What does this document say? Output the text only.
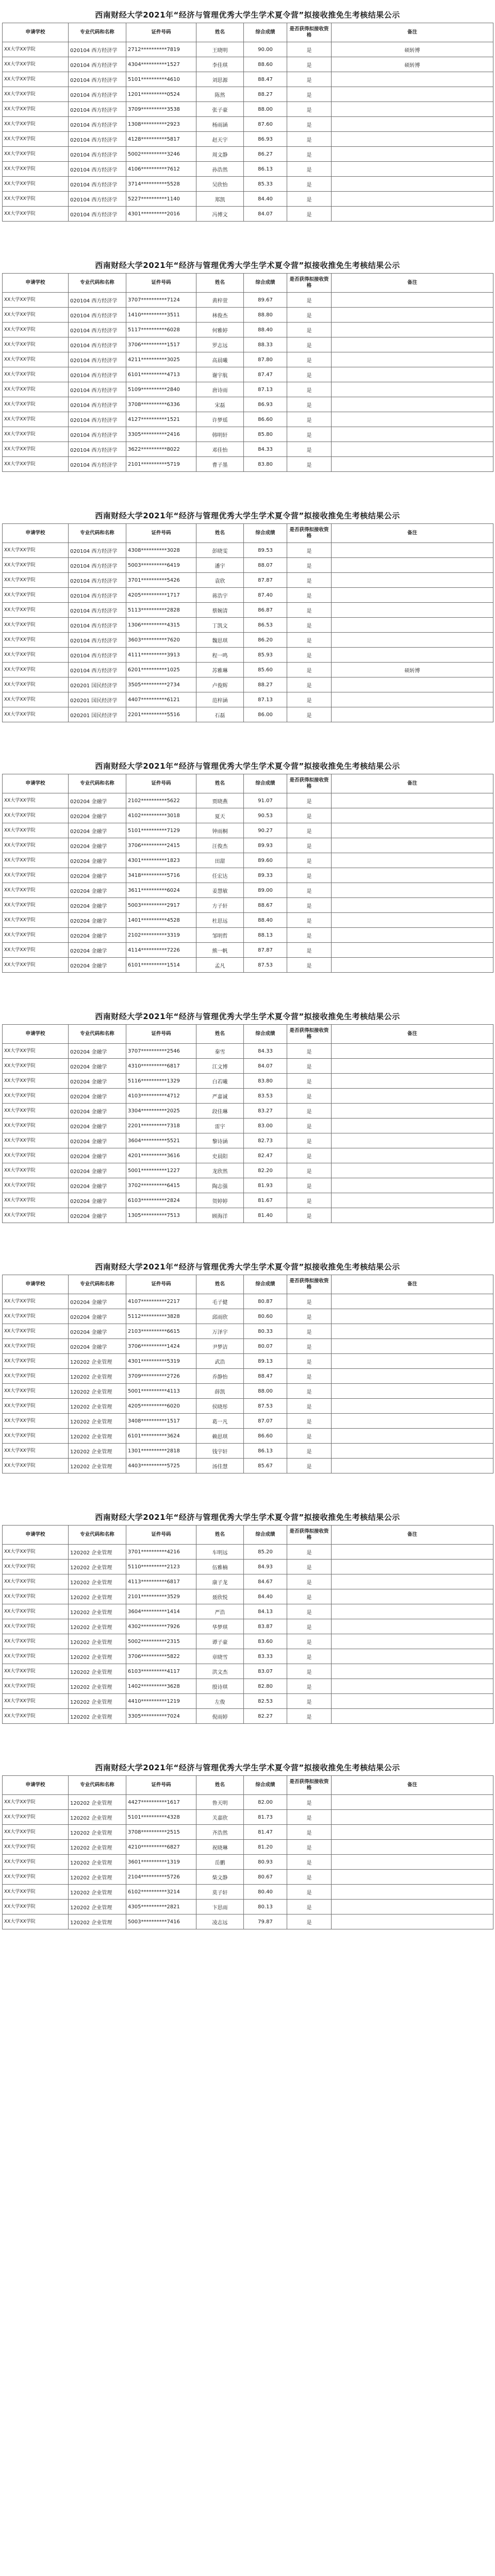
西南财经大学2021年“经济与管理优秀大学生学术夏令营”拟接收推免生考核结果公示
申请学校	专业代码和名称	证件号码	姓名	综合成绩	是否获得拟接收资格	备注
XX大学XX学院	020104 西方经济学	2712**********7819	王晓明	90.00	是	硕转博
XX大学XX学院	020104 西方经济学	4304**********1527	李佳琪	88.60	是	硕转博
XX大学XX学院	020104 西方经济学	5101**********4610	刘思源	88.47	是	
XX大学XX学院	020104 西方经济学	1201**********0524	陈然	88.27	是	
XX大学XX学院	020104 西方经济学	3709**********3538	张子豪	88.00	是	
XX大学XX学院	020104 西方经济学	1308**********2923	杨雨涵	87.60	是	
XX大学XX学院	020104 西方经济学	4128**********5817	赵天宇	86.93	是	
XX大学XX学院	020104 西方经济学	5002**********3246	周文静	86.27	是	
XX大学XX学院	020104 西方经济学	4106**********7612	孙浩然	86.13	是	
XX大学XX学院	020104 西方经济学	3714**********5528	吴欣怡	85.33	是	
XX大学XX学院	020104 西方经济学	5227**********1140	郑凯	84.40	是	
XX大学XX学院	020104 西方经济学	4301**********2016	冯博文	84.07	是	
西南财经大学2021年“经济与管理优秀大学生学术夏令营”拟接收推免生考核结果公示
申请学校	专业代码和名称	证件号码	姓名	综合成绩	是否获得拟接收资格	备注
XX大学XX学院	020104 西方经济学	3707**********7124	黄梓萱	89.67	是	
XX大学XX学院	020104 西方经济学	1410**********3511	林俊杰	88.80	是	
XX大学XX学院	020104 西方经济学	5117**********6028	何雅婷	88.40	是	
XX大学XX学院	020104 西方经济学	3706**********1517	罗志远	88.33	是	
XX大学XX学院	020104 西方经济学	4211**********3025	高晨曦	87.80	是	
XX大学XX学院	020104 西方经济学	6101**********4713	谢宇航	87.47	是	
XX大学XX学院	020104 西方经济学	5109**********2840	唐诗雨	87.13	是	
XX大学XX学院	020104 西方经济学	3708**********6336	宋磊	86.93	是	
XX大学XX学院	020104 西方经济学	4127**********1521	许梦瑶	86.60	是	
XX大学XX学院	020104 西方经济学	3305**********2416	韩明轩	85.80	是	
XX大学XX学院	020104 西方经济学	3622**********8022	邓佳怡	84.33	是	
XX大学XX学院	020104 西方经济学	2101**********5719	曹子墨	83.80	是	
西南财经大学2021年“经济与管理优秀大学生学术夏令营”拟接收推免生考核结果公示
申请学校	专业代码和名称	证件号码	姓名	综合成绩	是否获得拟接收资格	备注
XX大学XX学院	020104 西方经济学	4308**********3028	彭晓雯	89.53	是	
XX大学XX学院	020104 西方经济学	5003**********6419	潘宇	88.07	是	
XX大学XX学院	020104 西方经济学	3701**********5426	袁欣	87.87	是	
XX大学XX学院	020104 西方经济学	4205**********1717	蒋浩宇	87.40	是	
XX大学XX学院	020104 西方经济学	5113**********2828	蔡婉清	86.87	是	
XX大学XX学院	020104 西方经济学	1306**********4315	丁凯文	86.53	是	
XX大学XX学院	020104 西方经济学	3603**********7620	魏思琪	86.20	是	
XX大学XX学院	020104 西方经济学	4111**********3913	程一鸣	85.93	是	
XX大学XX学院	020104 西方经济学	6201**********1025	苏雅琳	85.60	是	硕转博
XX大学XX学院	020201 国民经济学	3505**********2734	卢俊辉	88.27	是	
XX大学XX学院	020201 国民经济学	4407**********6121	范梓涵	87.13	是	
XX大学XX学院	020201 国民经济学	2201**********5516	石磊	86.00	是	
西南财经大学2021年“经济与管理优秀大学生学术夏令营”拟接收推免生考核结果公示
申请学校	专业代码和名称	证件号码	姓名	综合成绩	是否获得拟接收资格	备注
XX大学XX学院	020204 金融学	2102**********5622	贾晓燕	91.07	是	
XX大学XX学院	020204 金融学	4102**********3018	夏天	90.53	是	
XX大学XX学院	020204 金融学	5101**********7129	钟雨桐	90.27	是	
XX大学XX学院	020204 金融学	3706**********2415	汪俊杰	89.93	是	
XX大学XX学院	020204 金融学	4301**********1823	田甜	89.60	是	
XX大学XX学院	020204 金融学	3418**********5716	任宏达	89.33	是	
XX大学XX学院	020204 金融学	3611**********6024	姜慧敏	89.00	是	
XX大学XX学院	020204 金融学	5003**********2917	方子轩	88.67	是	
XX大学XX学院	020204 金融学	1401**********4528	杜思远	88.40	是	
XX大学XX学院	020204 金融学	2102**********3319	邹明哲	88.13	是	
XX大学XX学院	020204 金融学	4114**********7226	熊一帆	87.87	是	
XX大学XX学院	020204 金融学	6101**********1514	孟凡	87.53	是	
西南财经大学2021年“经济与管理优秀大学生学术夏令营”拟接收推免生考核结果公示
申请学校	专业代码和名称	证件号码	姓名	综合成绩	是否获得拟接收资格	备注
XX大学XX学院	020204 金融学	3707**********2546	秦雪	84.33	是	
XX大学XX学院	020204 金融学	4310**********6817	江文博	84.07	是	
XX大学XX学院	020204 金融学	5116**********1329	白若曦	83.80	是	
XX大学XX学院	020204 金融学	4103**********4712	严嘉诚	83.53	是	
XX大学XX学院	020204 金融学	3304**********2025	段佳琳	83.27	是	
XX大学XX学院	020204 金融学	2201**********7318	雷宇	83.00	是	
XX大学XX学院	020204 金融学	3604**********5521	黎诗涵	82.73	是	
XX大学XX学院	020204 金融学	4201**********3616	史晨阳	82.47	是	
XX大学XX学院	020204 金融学	5001**********1227	龙欣然	82.20	是	
XX大学XX学院	020204 金融学	3702**********6415	陶志强	81.93	是	
XX大学XX学院	020204 金融学	6103**********2824	贺婷婷	81.67	是	
XX大学XX学院	020204 金融学	1305**********7513	顾海洋	81.40	是	
西南财经大学2021年“经济与管理优秀大学生学术夏令营”拟接收推免生考核结果公示
申请学校	专业代码和名称	证件号码	姓名	综合成绩	是否获得拟接收资格	备注
XX大学XX学院	020204 金融学	4107**********2217	毛子健	80.87	是	
XX大学XX学院	020204 金融学	5112**********3828	邱雨欣	80.60	是	
XX大学XX学院	020204 金融学	2103**********6615	万泽宇	80.33	是	
XX大学XX学院	020204 金融学	3706**********1424	尹梦洁	80.07	是	
XX大学XX学院	120202 企业管理	4301**********5319	武浩	89.13	是	
XX大学XX学院	120202 企业管理	3709**********2726	乔静怡	88.47	是	
XX大学XX学院	120202 企业管理	5001**********4113	薛凯	88.00	是	
XX大学XX学院	120202 企业管理	4205**********6020	侯晓彤	87.53	是	
XX大学XX学院	120202 企业管理	3408**********1517	葛一凡	87.07	是	
XX大学XX学院	120202 企业管理	6101**********3624	赖思琪	86.60	是	
XX大学XX学院	120202 企业管理	1301**********2818	钱宇轩	86.13	是	
XX大学XX学院	120202 企业管理	4403**********5725	汤佳慧	85.67	是	
西南财经大学2021年“经济与管理优秀大学生学术夏令营”拟接收推免生考核结果公示
申请学校	专业代码和名称	证件号码	姓名	综合成绩	是否获得拟接收资格	备注
XX大学XX学院	120202 企业管理	3701**********4216	车明远	85.20	是	
XX大学XX学院	120202 企业管理	5110**********2123	伍雅楠	84.93	是	
XX大学XX学院	120202 企业管理	4113**********6817	康子龙	84.67	是	
XX大学XX学院	120202 企业管理	2101**********3529	聂欣悦	84.40	是	
XX大学XX学院	120202 企业管理	3604**********1414	严浩	84.13	是	
XX大学XX学院	120202 企业管理	4302**********7926	华梦琪	83.87	是	
XX大学XX学院	120202 企业管理	5002**********2315	谭子豪	83.60	是	
XX大学XX学院	120202 企业管理	3706**********5822	章晓雪	83.33	是	
XX大学XX学院	120202 企业管理	6103**********4117	洪文杰	83.07	是	
XX大学XX学院	120202 企业管理	1402**********3628	殷诗琪	82.80	是	
XX大学XX学院	120202 企业管理	4410**********1219	左俊	82.53	是	
XX大学XX学院	120202 企业管理	3305**********7024	倪雨婷	82.27	是	
西南财经大学2021年“经济与管理优秀大学生学术夏令营”拟接收推免生考核结果公示
申请学校	专业代码和名称	证件号码	姓名	综合成绩	是否获得拟接收资格	备注
XX大学XX学院	120202 企业管理	4427**********1617	鲁天明	82.00	是	
XX大学XX学院	120202 企业管理	5101**********4328	关嘉欣	81.73	是	
XX大学XX学院	120202 企业管理	3708**********2515	齐浩然	81.47	是	
XX大学XX学院	120202 企业管理	4210**********6827	祝晓琳	81.20	是	
XX大学XX学院	120202 企业管理	3601**********1319	岳鹏	80.93	是	
XX大学XX学院	120202 企业管理	2104**********5726	柴文静	80.67	是	
XX大学XX学院	120202 企业管理	6102**********3214	莫子轩	80.40	是	
XX大学XX学院	120202 企业管理	4305**********2821	卞思雨	80.13	是	
XX大学XX学院	120202 企业管理	5003**********7416	凌志远	79.87	是	
